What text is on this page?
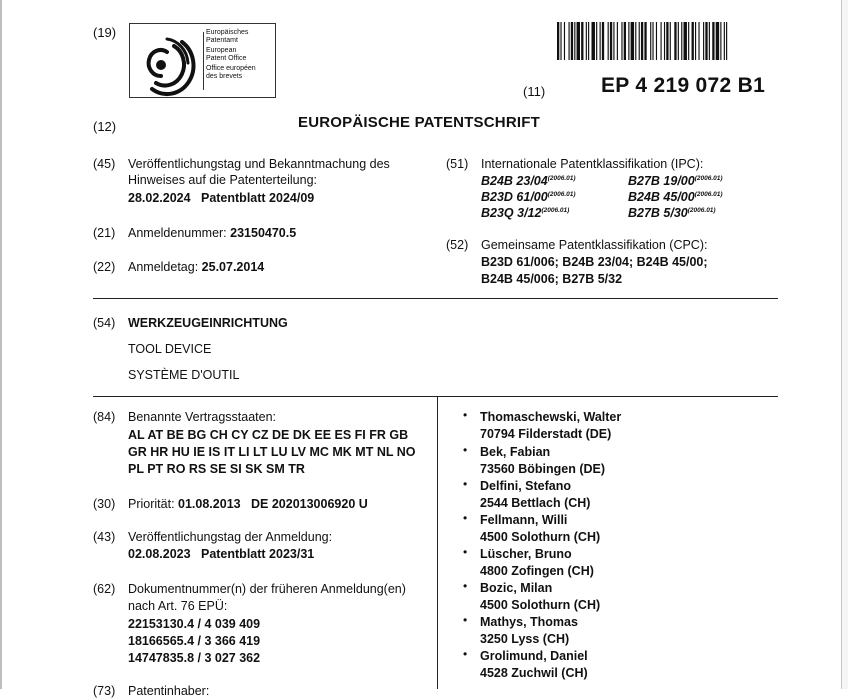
(19)	Europäisches
Patentamt
European
Patent Office
Office européen
des brevets
(11)	EP 4 219 072 B1
(12)	EUROPÄISCHE PATENTSCHRIFT
(45) Veröffentlichungstag und Bekanntmachung des
Hinweises auf die Patenterteilung:
28.02.2024   Patentblatt 2024/09
(21) Anmeldenummer: 23150470.5
(22) Anmeldetag: 25.07.2014
(51) Internationale Patentklassifikation (IPC):
B24B $23/04^{(2006.01)}$	B27B $19/00^{(2006.01)}$
B23D $61/00^{(2006.01)}$	B24B $45/00^{(2006.01)}$
B23Q $3/12^{(2006.01)}$	B27B $5/30^{(2006.01)}$
(52) Gemeinsame Patentklassifikation (CPC):
B23D 61/006; B24B 23/04; B24B 45/00;
B24B 45/006; B27B 5/32
(54) WERKZEUGEINRICHTUNG
TOOL DEVICE
SYSTÈME D'OUTIL
(84) Benannte Vertragsstaaten:
AL AT BE BG CH CY CZ DE DK EE ES FI FR GB
GR HR HU IE IS IT LI LT LU LV MC MK MT NL NO
PL PT RO RS SE SI SK SM TR
(30) Priorität: 01.08.2013   DE 202013006920 U
(43) Veröffentlichungstag der Anmeldung:
02.08.2023   Patentblatt 2023/31
(62) Dokumentnummer(n) der früheren Anmeldung(en)
nach Art. 76 EPÜ:
22153130.4 / 4 039 409
18166565.4 / 3 366 419
14747835.8 / 3 027 362
(73) Patentinhaber:
• Thomaschewski, Walter
70794 Filderstadt (DE)
• Bek, Fabian
73560 Böbingen (DE)
• Delfini, Stefano
2544 Bettlach (CH)
• Fellmann, Willi
4500 Solothurn (CH)
• Lüscher, Bruno
4800 Zofingen (CH)
• Bozic, Milan
4500 Solothurn (CH)
• Mathys, Thomas
3250 Lyss (CH)
• Grolimund, Daniel
4528 Zuchwil (CH)
